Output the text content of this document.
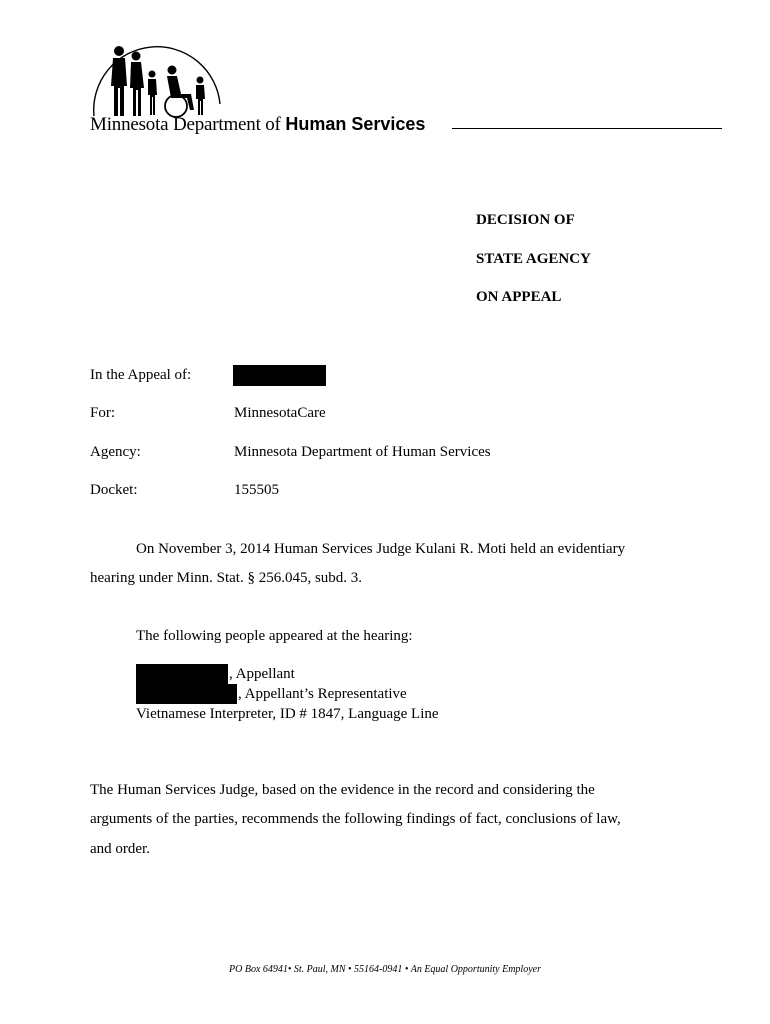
Minnesota Department of Human Services
DECISION OF
STATE AGENCY
ON APPEAL
In the Appeal of:
For:	MinnesotaCare
Agency:	Minnesota Department of Human Services
Docket:	155505
On November 3, 2014 Human Services Judge Kulani R. Moti held an evidentiary
hearing under Minn. Stat. § 256.045, subd. 3.
The following people appeared at the hearing:
, Appellant
, Appellant’s Representative
Vietnamese Interpreter, ID # 1847, Language Line
The Human Services Judge, based on the evidence in the record and considering the
arguments of the parties, recommends the following findings of fact, conclusions of law,
and order.
PO Box 64941• St. Paul, MN • 55164-0941 • An Equal Opportunity Employer
